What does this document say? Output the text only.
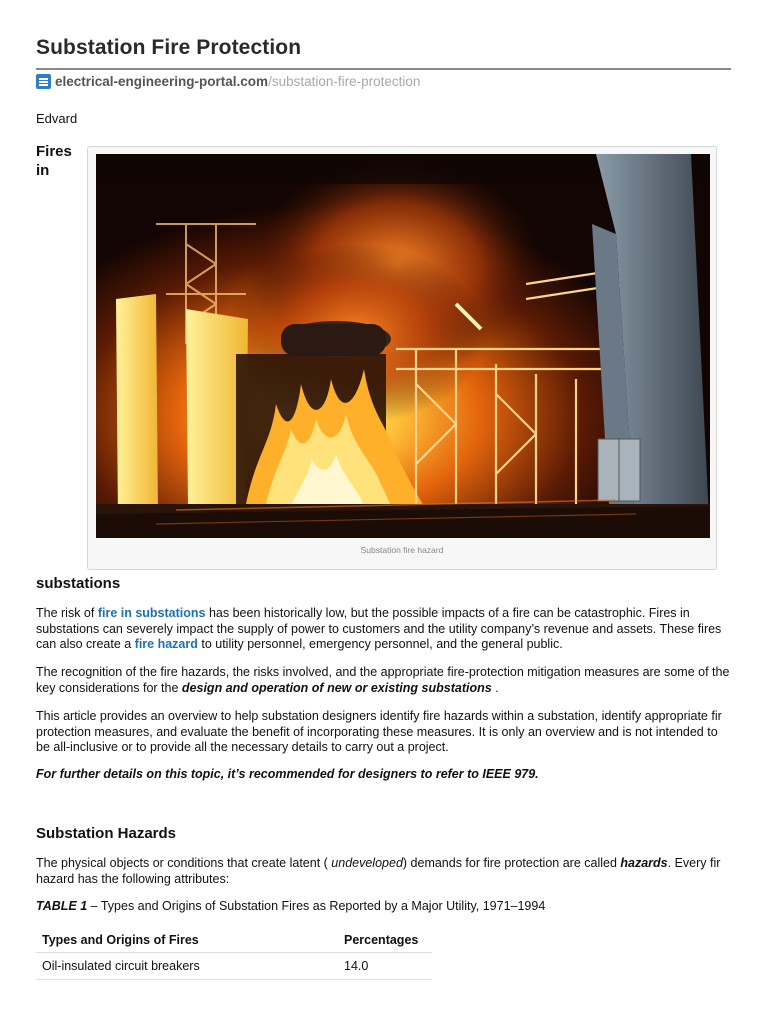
Substation Fire Protection
electrical-engineering-portal.com /substation-fire-protection
Edvard
Fires
in
Substation fire hazard
substations

The risk of fire in substations has been historically low, but the possible impacts of a fire can be catastrophic. Fires in substations can severely impact the supply of power to customers and the utility company’s revenue and assets. These fires can also create a fire hazard to utility personnel, emergency personnel, and the general public.

The recognition of the fire hazards, the risks involved, and the appropriate fire-protection mitigation measures are some of the key considerations for the design and operation of new or existing substations .

This article provides an overview to help substation designers identify fire hazards within a substation, identify appropriate fir protection measures, and evaluate the benefit of incorporating these measures. It is only an overview and is not intended to be all-inclusive or to provide all the necessary details to carry out a project.

For further details on this topic, it’s recommended for designers to refer to IEEE 979.

Substation Hazards

The physical objects or conditions that create latent ( undeveloped) demands for fire protection are called hazards. Every fir hazard has the following attributes:

TABLE 1 – Types and Origins of Substation Fires as Reported by a Major Utility, 1971–1994

Types and Origins of Fires	Percentages
Oil-insulated circuit breakers	14.0
